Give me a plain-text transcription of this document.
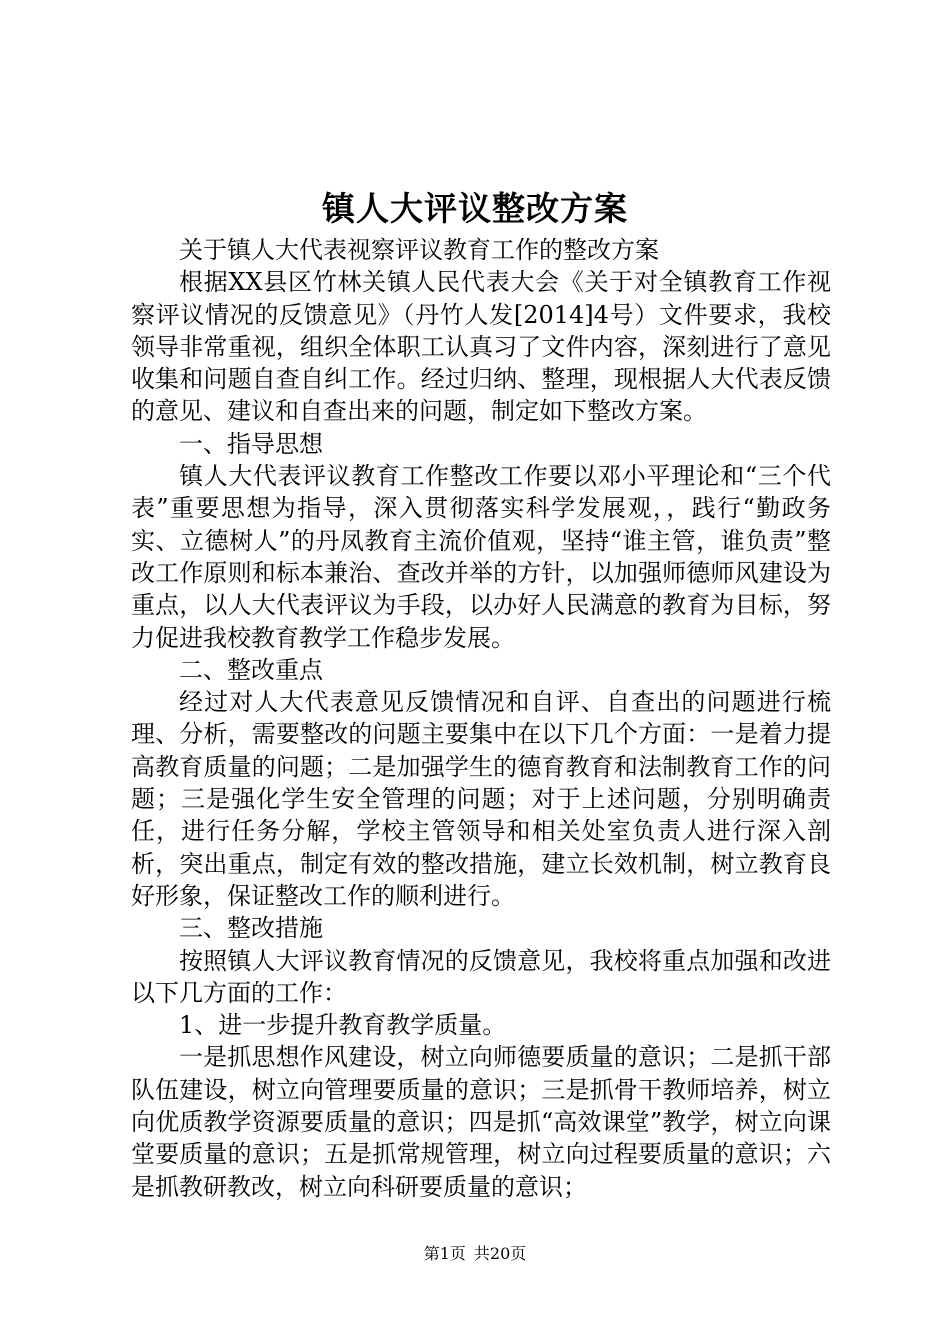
镇人大评议整改方案

关于镇人大代表视察评议教育工作的整改方案

根据XX县区竹林关镇人民代表大会《关于对全镇教育工作视察评议情况的反馈意见》（丹竹人发[2014]4号）文件要求，我校领导非常重视，组织全体职工认真习了文件内容，深刻进行了意见收集和问题自查自纠工作。经过归纳、整理，现根据人大代表反馈的意见、建议和自查出来的问题，制定如下整改方案。

一、指导思想

镇人大代表评议教育工作整改工作要以邓小平理论和“三个代表”重要思想为指导，深入贯彻落实科学发展观，，践行“勤政务实、立德树人”的丹凤教育主流价值观，坚持“谁主管，谁负责”整改工作原则和标本兼治、查改并举的方针，以加强师德师风建设为重点，以人大代表评议为手段，以办好人民满意的教育为目标，努力促进我校教育教学工作稳步发展。

二、整改重点

经过对人大代表意见反馈情况和自评、自查出的问题进行梳理、分析，需要整改的问题主要集中在以下几个方面：一是着力提高教育质量的问题；二是加强学生的德育教育和法制教育工作的问题；三是强化学生安全管理的问题；对于上述问题，分别明确责任，进行任务分解，学校主管领导和相关处室负责人进行深入剖析，突出重点，制定有效的整改措施，建立长效机制，树立教育良好形象，保证整改工作的顺利进行。

三、整改措施

按照镇人大评议教育情况的反馈意见，我校将重点加强和改进以下几方面的工作：

1、进一步提升教育教学质量。

一是抓思想作风建设，树立向师德要质量的意识；二是抓干部队伍建设，树立向管理要质量的意识；三是抓骨干教师培养，树立向优质教学资源要质量的意识；四是抓“高效课堂”教学，树立向课堂要质量的意识；五是抓常规管理，树立向过程要质量的意识；六是抓教研教改，树立向科研要质量的意识；

第1页 共20页
